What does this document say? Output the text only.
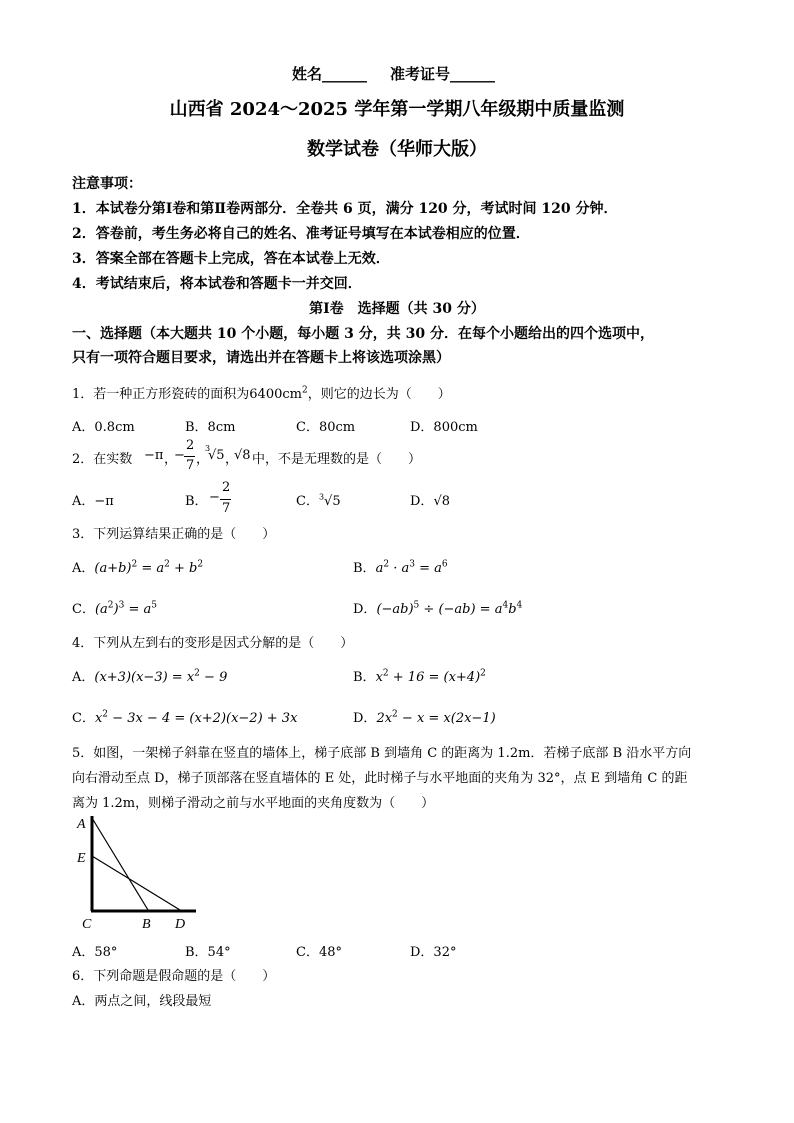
姓名______ 准考证号______
山西省 2024～2025 学年第一学期八年级期中质量监测
数学试卷（华师大版）
注意事项：
1．本试卷分第Ⅰ卷和第Ⅱ卷两部分．全卷共 6 页，满分 120 分，考试时间 120 分钟．
2．答卷前，考生务必将自己的姓名、准考证号填写在本试卷相应的位置．
3．答案全部在答题卡上完成，答在本试卷上无效．
4．考试结束后，将本试卷和答题卡一并交回．
第Ⅰ卷　选择题（共 30 分）
一、选择题（本大题共 10 个小题，每小题 3 分，共 30 分．在每个小题给出的四个选项中，
只有一项符合题目要求，请选出并在答题卡上将该选项涂黑）
1．若一种正方形瓷砖的面积为$6400cm^2$，则它的边长为（　　）
A．0.8cm	B．8cm	C．80cm	D．800cm
2．在实数 −π ，
−
2
7 ，
3
√5 ，
√8 中，不是无理数的是（　　）
A．−π	B． −
2
7	C．$^3$√5	D．√8
3．下列运算结果正确的是（　　）
A．$(a+b)^2 = a^2 + b^2$	B．$a^2 \cdot a^3 = a^6$
C．$(a^2)^3 = a^5$	D．$(-ab)^5 \div (-ab) = a^4b^4$
4．下列从左到右的变形是因式分解的是（　　）
A．$(x+3)(x-3) = x^2 - 9$	B．$x^2 + 16 = (x+4)^2$
C．$x^2 - 3x - 4 = (x+2)(x-2) + 3x$	D．$2x^2 - x = x(2x-1)$
5．如图，一架梯子斜靠在竖直的墙体上，梯子底部 B 到墙角 C 的距离为 1.2m．若梯子底部 B 沿水平方向
向右滑动至点 D，梯子顶部落在竖直墙体的 E 处，此时梯子与水平地面的夹角为 32°，点 E 到墙角 C 的距
离为 1.2m，则梯子滑动之前与水平地面的夹角度数为（　　）
A
E
C	B D
A．58°	B．54°	C．48°	D．32°
6．下列命题是假命题的是（　　）
A．两点之间，线段最短
